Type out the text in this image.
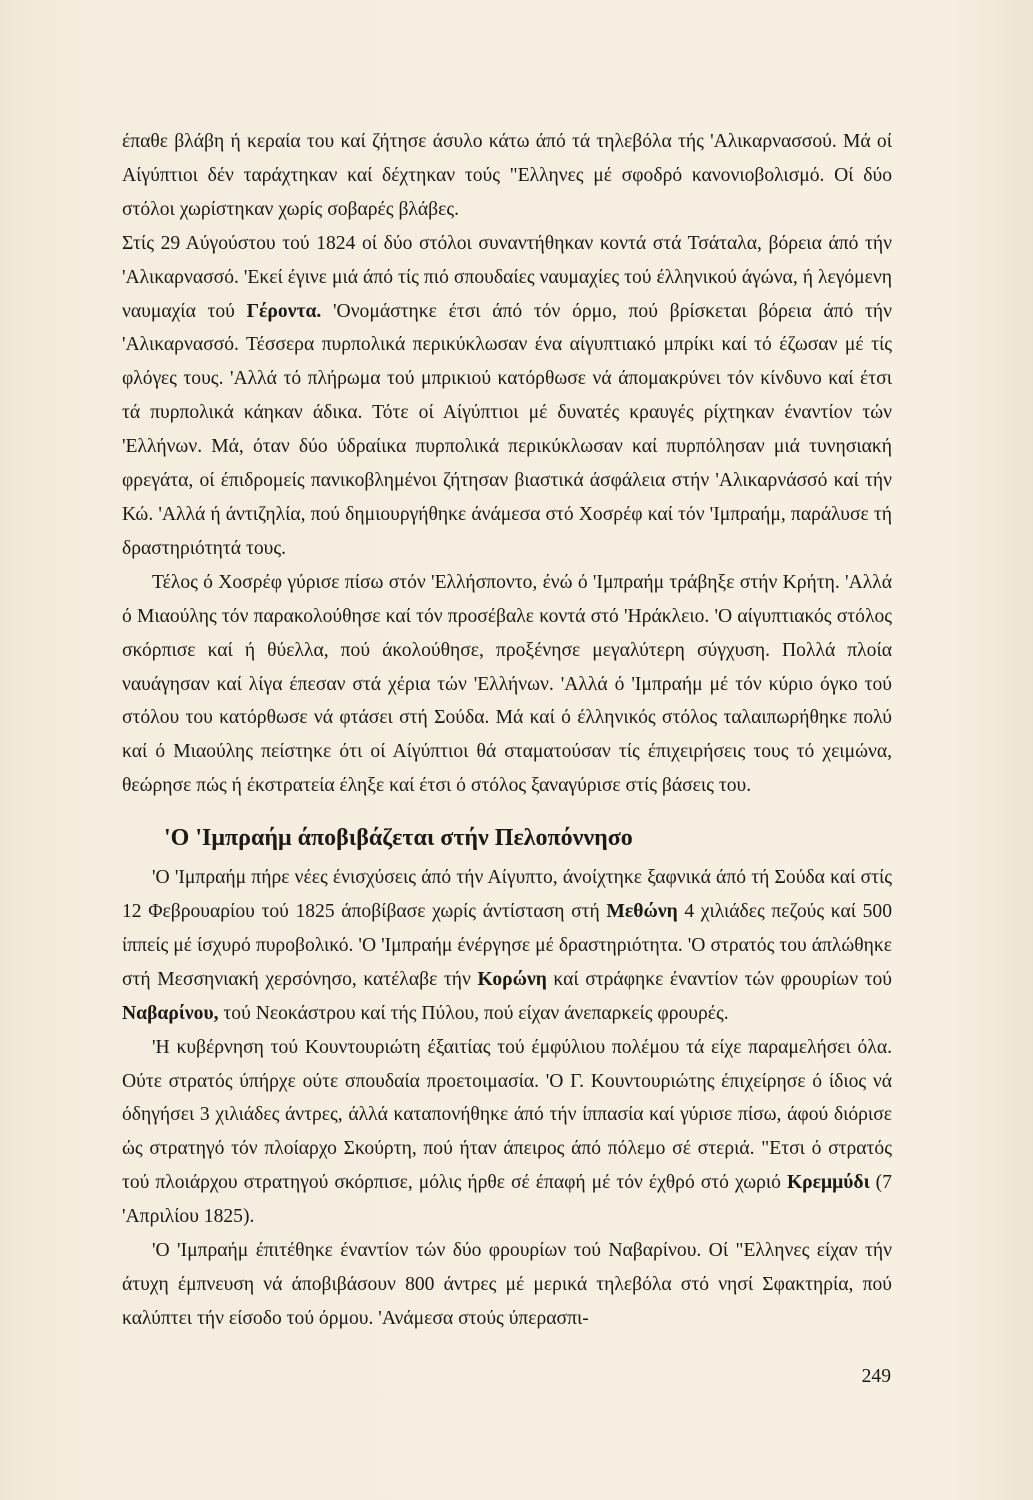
έπαθε βλάβη ή κεραία του καί ζήτησε άσυλο κάτω άπό τά τηλεβόλα τής 'Αλικαρνασσού. Μά οί Αίγύπτιοι δέν ταράχτηκαν καί δέχτηκαν τούς "Ελληνες μέ σφοδρό κανονιοβολισμό. Οί δύο στόλοι χωρίστηκαν χωρίς σοβαρές βλάβες.

Στίς 29 Αύγούστου τού 1824 οί δύο στόλοι συναντήθηκαν κοντά στά Τσάταλα, βόρεια άπό τήν 'Αλικαρνασσό. 'Εκεί έγινε μιά άπό τίς πιό σπουδαίες ναυμαχίες τού έλληνικού άγώνα, ή λεγόμενη ναυμαχία τού Γέροντα. 'Ονομάστηκε έτσι άπό τόν όρμο, πού βρίσκεται βόρεια άπό τήν 'Αλικαρνασσό. Τέσσερα πυρπολικά περικύκλωσαν ένα αίγυπτιακό μπρίκι καί τό έζωσαν μέ τίς φλόγες τους. 'Αλλά τό πλήρωμα τού μπρικιού κατόρθωσε νά άπομακρύνει τόν κίνδυνο καί έτσι τά πυρπολικά κάηκαν άδικα. Τότε οί Αίγύπτιοι μέ δυνατές κραυγές ρίχτηκαν έναντίον τών 'Ελλήνων. Μά, όταν δύο ύδραίικα πυρπολικά περικύκλωσαν καί πυρπόλησαν μιά τυνησιακή φρεγάτα, οί έπιδρομείς πανικοβλημένοι ζήτησαν βιαστικά άσφάλεια στήν 'Αλικαρνάσσό καί τήν Κώ. 'Αλλά ή άντιζηλία, πού δημιουργήθηκε άνάμεσα στό Χοσρέφ καί τόν 'Ιμπραήμ, παράλυσε τή δραστηριότητά τους.

Τέλος ό Χοσρέφ γύρισε πίσω στόν 'Ελλήσποντο, ένώ ό 'Ιμπραήμ τράβηξε στήν Κρήτη. 'Αλλά ό Μιαούλης τόν παρακολούθησε καί τόν προσέβαλε κοντά στό 'Ηράκλειο. 'Ο αίγυπτιακός στόλος σκόρπισε καί ή θύελλα, πού άκολούθησε, προξένησε μεγαλύτερη σύγχυση. Πολλά πλοία ναυάγησαν καί λίγα έπεσαν στά χέρια τών 'Ελλήνων. 'Αλλά ό 'Ιμπραήμ μέ τόν κύριο όγκο τού στόλου του κατόρθωσε νά φτάσει στή Σούδα. Μά καί ό έλληνικός στόλος ταλαιπωρήθηκε πολύ καί ό Μιαούλης πείστηκε ότι οί Αίγύπτιοι θά σταματούσαν τίς έπιχειρήσεις τους τό χειμώνα, θεώρησε πώς ή έκστρατεία έληξε καί έτσι ό στόλος ξαναγύρισε στίς βάσεις του.

'Ο 'Ιμπραήμ άποβιβάζεται στήν Πελοπόννησο

'Ο 'Ιμπραήμ πήρε νέες ένισχύσεις άπό τήν Αίγυπτο, άνοίχτηκε ξαφνικά άπό τή Σούδα καί στίς 12 Φεβρουαρίου τού 1825 άποβίβασε χωρίς άντίσταση στή Μεθώνη 4 χιλιάδες πεζούς καί 500 ίππείς μέ ίσχυρό πυροβολικό. 'Ο 'Ιμπραήμ ένέργησε μέ δραστηριότητα. 'Ο στρατός του άπλώθηκε στή Μεσσηνιακή χερσόνησο, κατέλαβε τήν Κορώνη καί στράφηκε έναντίον τών φρουρίων τού Ναβαρίνου, τού Νεοκάστρου καί τής Πύλου, πού είχαν άνεπαρκείς φρουρές.

'Η κυβέρνηση τού Κουντουριώτη έξαιτίας τού έμφύλιου πολέμου τά είχε παραμελήσει όλα. Ούτε στρατός ύπήρχε ούτε σπουδαία προετοιμασία. 'Ο Γ. Κουντουριώτης έπιχείρησε ό ίδιος νά όδηγήσει 3 χιλιάδες άντρες, άλλά καταπονήθηκε άπό τήν ίππασία καί γύρισε πίσω, άφού διόρισε ώς στρατηγό τόν πλοίαρχο Σκούρτη, πού ήταν άπειρος άπό πόλεμο σέ στεριά. "Ετσι ό στρατός τού πλοιάρχου στρατηγού σκόρπισε, μόλις ήρθε σέ έπαφή μέ τόν έχθρό στό χωριό Κρεμμύδι (7 'Απριλίου 1825).

'Ο 'Ιμπραήμ έπιτέθηκε έναντίον τών δύο φρουρίων τού Ναβαρίνου. Οί "Ελληνες είχαν τήν άτυχη έμπνευση νά άποβιβάσουν 800 άντρες μέ μερικά τηλεβόλα στό νησί Σφακτηρία, πού καλύπτει τήν είσοδο τού όρμου. 'Ανάμεσα στούς ύπερασπι-

249
